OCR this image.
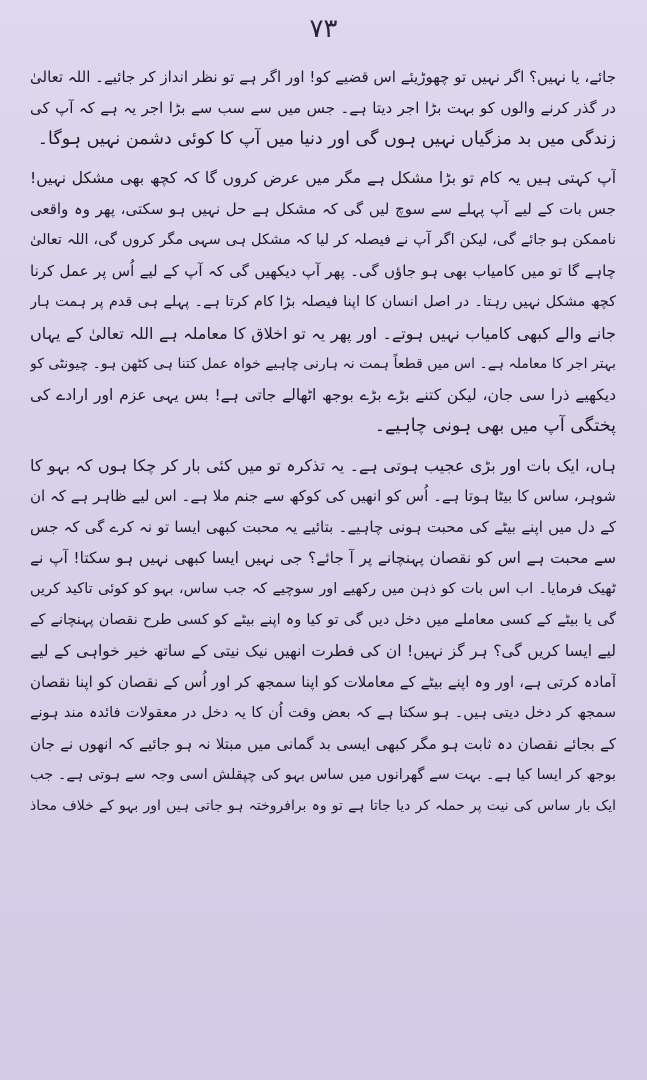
۷۳
جائے، یا نہیں؟ اگر نہیں تو چھوڑیئے اس قضیے کو! اور اگر ہے تو نظر انداز کر جائیے۔ اللہ تعالیٰ
در گذر کرنے والوں کو بہت بڑا اجر دیتا ہے۔ جس میں سے سب سے بڑا اجر یہ ہے کہ آپ کی
زندگی میں بد مزگیاں نہیں ہوں گی اور دنیا میں آپ کا کوئی دشمن نہیں ہوگا۔
آپ کہتی ہیں یہ کام تو بڑا مشکل ہے مگر میں عرض کروں گا کہ کچھ بھی مشکل نہیں!
جس بات کے لیے آپ پہلے سے سوچ لیں گی کہ مشکل ہے حل نہیں ہو سکتی، پھر وہ واقعی
ناممکن ہو جائے گی، لیکن اگر آپ نے فیصلہ کر لیا کہ مشکل ہی سہی مگر کروں گی، اللہ تعالیٰ
چاہے گا تو میں کامیاب بھی ہو جاؤں گی۔ پھر آپ دیکھیں گی کہ آپ کے لیے اُس پر عمل کرنا
کچھ مشکل نہیں رہتا۔ در اصل انسان کا اپنا فیصلہ بڑا کام کرتا ہے۔ پہلے ہی قدم پر ہمت ہار
جانے والے کبھی کامیاب نہیں ہوتے۔ اور پھر یہ تو اخلاق کا معاملہ ہے اللہ تعالیٰ کے یہاں
بہتر اجر کا معاملہ ہے۔ اس میں قطعاً ہمت نہ ہارنی چاہیے خواہ عمل کتنا ہی کٹھن ہو۔ چیونٹی کو
دیکھیے ذرا سی جان، لیکن کتنے بڑے بڑے بوجھ اٹھالے جاتی ہے! بس یہی عزم اور ارادے کی
پختگی آپ میں بھی ہونی چاہیے۔
ہاں، ایک بات اور بڑی عجیب ہوتی ہے۔ یہ تذکرہ تو میں کئی بار کر چکا ہوں کہ بہو کا
شوہر، ساس کا بیٹا ہوتا ہے۔ اُس کو انھیں کی کوکھ سے جنم ملا ہے۔ اس لیے ظاہر ہے کہ ان
کے دل میں اپنے بیٹے کی محبت ہونی چاہیے۔ بتائیے یہ محبت کبھی ایسا تو نہ کرے گی کہ جس
سے محبت ہے اس کو نقصان پہنچانے پر آ جائے؟ جی نہیں ایسا کبھی نہیں ہو سکتا! آپ نے
ٹھیک فرمایا۔ اب اس بات کو ذہن میں رکھیے اور سوچیے کہ جب ساس، بہو کو کوئی تاکید کریں
گی یا بیٹے کے کسی معاملے میں دخل دیں گی تو کیا وہ اپنے بیٹے کو کسی طرح نقصان پہنچانے کے
لیے ایسا کریں گی؟ ہر گز نہیں! ان کی فطرت انھیں نیک نیتی کے ساتھ خیر خواہی کے لیے
آمادہ کرتی ہے، اور وہ اپنے بیٹے کے معاملات کو اپنا سمجھ کر اور اُس کے نقصان کو اپنا نقصان
سمجھ کر دخل دیتی ہیں۔ ہو سکتا ہے کہ بعض وقت اُن کا یہ دخل در معقولات فائدہ مند ہونے
کے بجائے نقصان دہ ثابت ہو مگر کبھی ایسی بد گمانی میں مبتلا نہ ہو جائیے کہ انھوں نے جان
بوجھ کر ایسا کیا ہے۔ بہت سے گھرانوں میں ساس بہو کی چپقلش اسی وجہ سے ہوتی ہے۔ جب
ایک بار ساس کی نیت پر حملہ کر دیا جاتا ہے تو وہ برافروختہ ہو جاتی ہیں اور بہو کے خلاف محاذ
